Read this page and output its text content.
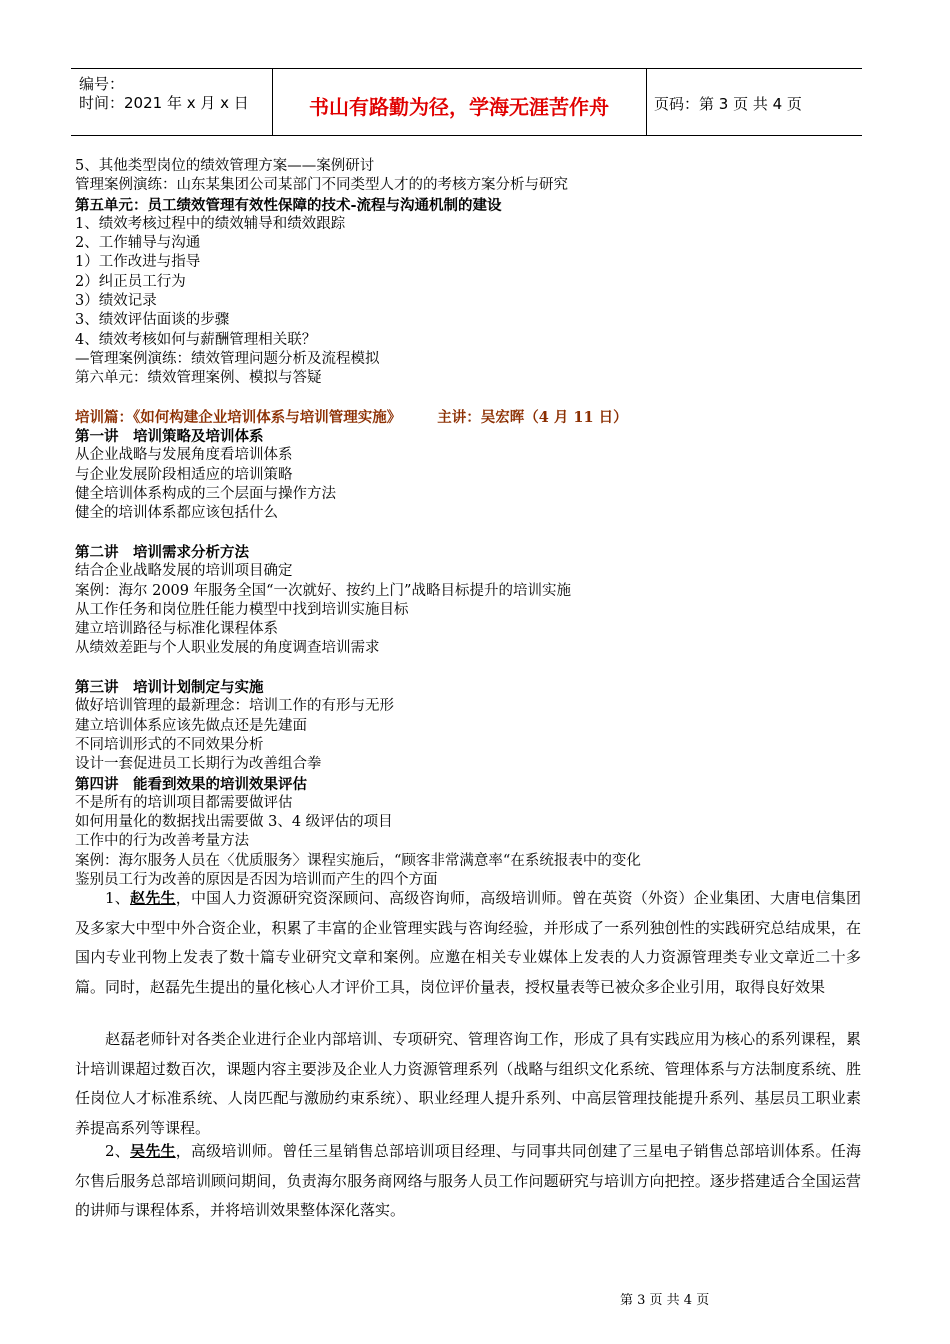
编号：
时间：2021 年 x 月 x 日	书山有路勤为径，学海无涯苦作舟	页码：第 3 页 共 4 页
5、其他类型岗位的绩效管理方案——案例研讨
管理案例演练：山东某集团公司某部门不同类型人才的的考核方案分析与研究
第五单元：员工绩效管理有效性保障的技术-流程与沟通机制的建设
1、绩效考核过程中的绩效辅导和绩效跟踪
2、工作辅导与沟通
1）工作改进与指导
2）纠正员工行为
3）绩效记录
3、绩效评估面谈的步骤
4、绩效考核如何与薪酬管理相关联？
—管理案例演练：绩效管理问题分析及流程模拟
第六单元：绩效管理案例、模拟与答疑
培训篇：《如何构建企业培训体系与培训管理实施》 主讲：吴宏晖（4 月 11 日）
第一讲　培训策略及培训体系
从企业战略与发展角度看培训体系
与企业发展阶段相适应的培训策略
健全培训体系构成的三个层面与操作方法
健全的培训体系都应该包括什么
第二讲　培训需求分析方法
结合企业战略发展的培训项目确定
案例：海尔 2009 年服务全国“一次就好、按约上门”战略目标提升的培训实施
从工作任务和岗位胜任能力模型中找到培训实施目标
建立培训路径与标准化课程体系
从绩效差距与个人职业发展的角度调查培训需求
第三讲　培训计划制定与实施
做好培训管理的最新理念：培训工作的有形与无形
建立培训体系应该先做点还是先建面
不同培训形式的不同效果分析
设计一套促进员工长期行为改善组合拳
第四讲　能看到效果的培训效果评估
不是所有的培训项目都需要做评估
如何用量化的数据找出需要做 3、4 级评估的项目
工作中的行为改善考量方法
案例：海尔服务人员在〈优质服务〉课程实施后，“顾客非常满意率“在系统报表中的变化
鉴别员工行为改善的原因是否因为培训而产生的四个方面
1、赵先生，中国人力资源研究资深顾问、高级咨询师，高级培训师。曾在英资（外资）企业集团、大唐电信集团及多家大中型中外合资企业，积累了丰富的企业管理实践与咨询经验，并形成了一系列独创性的实践研究总结成果，在国内专业刊物上发表了数十篇专业研究文章和案例。应邀在相关专业媒体上发表的人力资源管理类专业文章近二十多篇。同时，赵磊先生提出的量化核心人才评价工具，岗位评价量表，授权量表等已被众多企业引用，取得良好效果
赵磊老师针对各类企业进行企业内部培训、专项研究、管理咨询工作，形成了具有实践应用为核心的系列课程，累计培训课超过数百次，课题内容主要涉及企业人力资源管理系列（战略与组织文化系统、管理体系与方法制度系统、胜任岗位人才标准系统、人岗匹配与激励约束系统）、职业经理人提升系列、中高层管理技能提升系列、基层员工职业素养提高系列等课程。
2、吴先生，高级培训师。曾任三星销售总部培训项目经理、与同事共同创建了三星电子销售总部培训体系。任海尔售后服务总部培训顾问期间，负责海尔服务商网络与服务人员工作问题研究与培训方向把控。逐步搭建适合全国运营的讲师与课程体系，并将培训效果整体深化落实。
第 3 页 共 4 页
